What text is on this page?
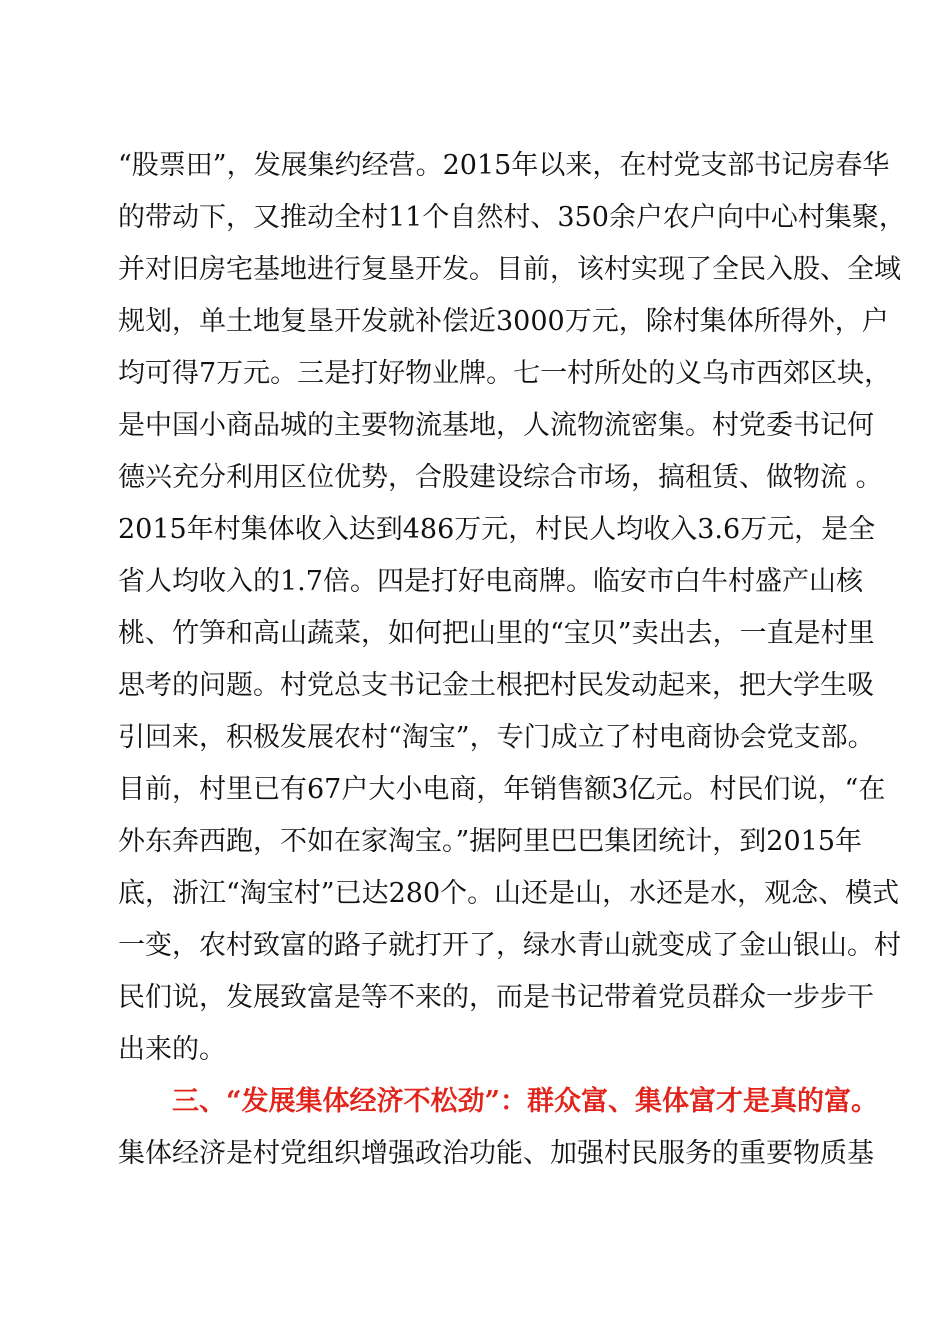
“股票田”，发展集约经营。2015年以来，在村党支部书记房春华
的带动下，又推动全村11个自然村、350余户农户向中心村集聚，
并对旧房宅基地进行复垦开发。目前，该村实现了全民入股、全域
规划，单土地复垦开发就补偿近3000万元，除村集体所得外，户
均可得7万元。三是打好物业牌。七一村所处的义乌市西郊区块，
是中国小商品城的主要物流基地，人流物流密集。村党委书记何
德兴充分利用区位优势，合股建设综合市场，搞租赁、做物流 。
2015年村集体收入达到486万元，村民人均收入3.6万元，是全
省人均收入的1.7倍。四是打好电商牌。临安市白牛村盛产山核
桃、竹笋和高山蔬菜，如何把山里的“宝贝”卖出去，一直是村里
思考的问题。村党总支书记金土根把村民发动起来，把大学生吸
引回来，积极发展农村“淘宝”，专门成立了村电商协会党支部。
目前，村里已有67户大小电商，年销售额3亿元。村民们说，“在
外东奔西跑，不如在家淘宝。”据阿里巴巴集团统计，到2015年
底，浙江“淘宝村”已达280个。山还是山，水还是水，观念、模式
一变，农村致富的路子就打开了，绿水青山就变成了金山银山。村
民们说，发展致富是等不来的，而是书记带着党员群众一步步干
出来的。
三、“发展集体经济不松劲”：群众富、集体富才是真的富。
集体经济是村党组织增强政治功能、加强村民服务的重要物质基
